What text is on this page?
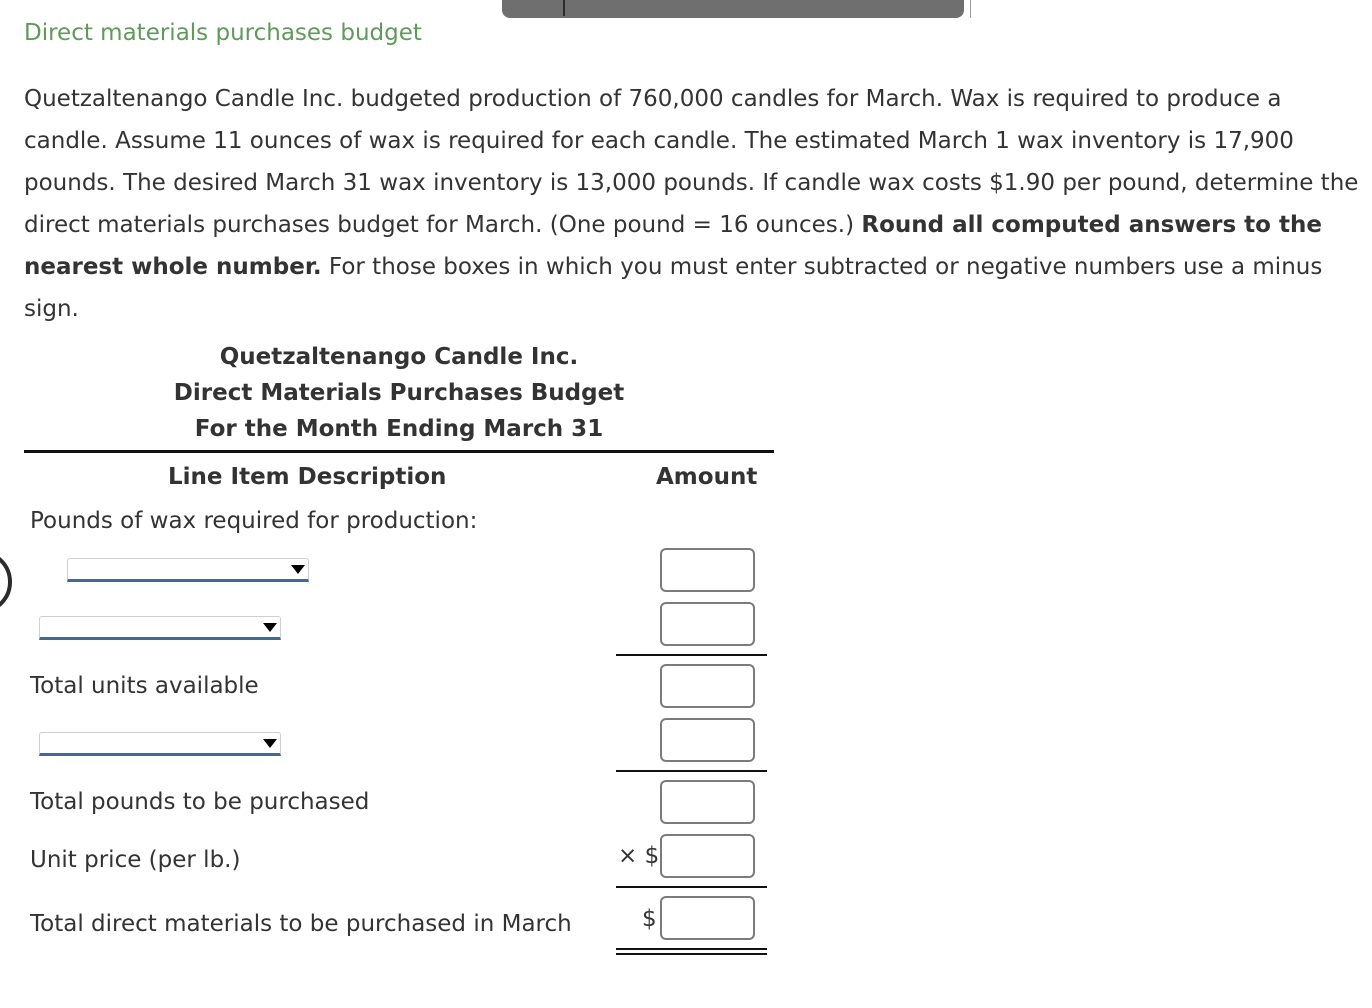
Direct materials purchases budget
Quetzaltenango Candle Inc. budgeted production of 760,000 candles for March. Wax is required to produce a candle. Assume 11 ounces of wax is required for each candle. The estimated March 1 wax inventory is 17,900 pounds. The desired March 31 wax inventory is 13,000 pounds. If candle wax costs $1.90 per pound, determine the direct materials purchases budget for March. (One pound = 16 ounces.) Round all computed answers to the nearest whole number. For those boxes in which you must enter subtracted or negative numbers use a minus sign.
Quetzaltenango Candle Inc.
Direct Materials Purchases Budget
For the Month Ending March 31
Line Item Description	Amount
Pounds of wax required for production:
Total units available
Total pounds to be purchased
Unit price (per lb.)	× $
Total direct materials to be purchased in March	$
